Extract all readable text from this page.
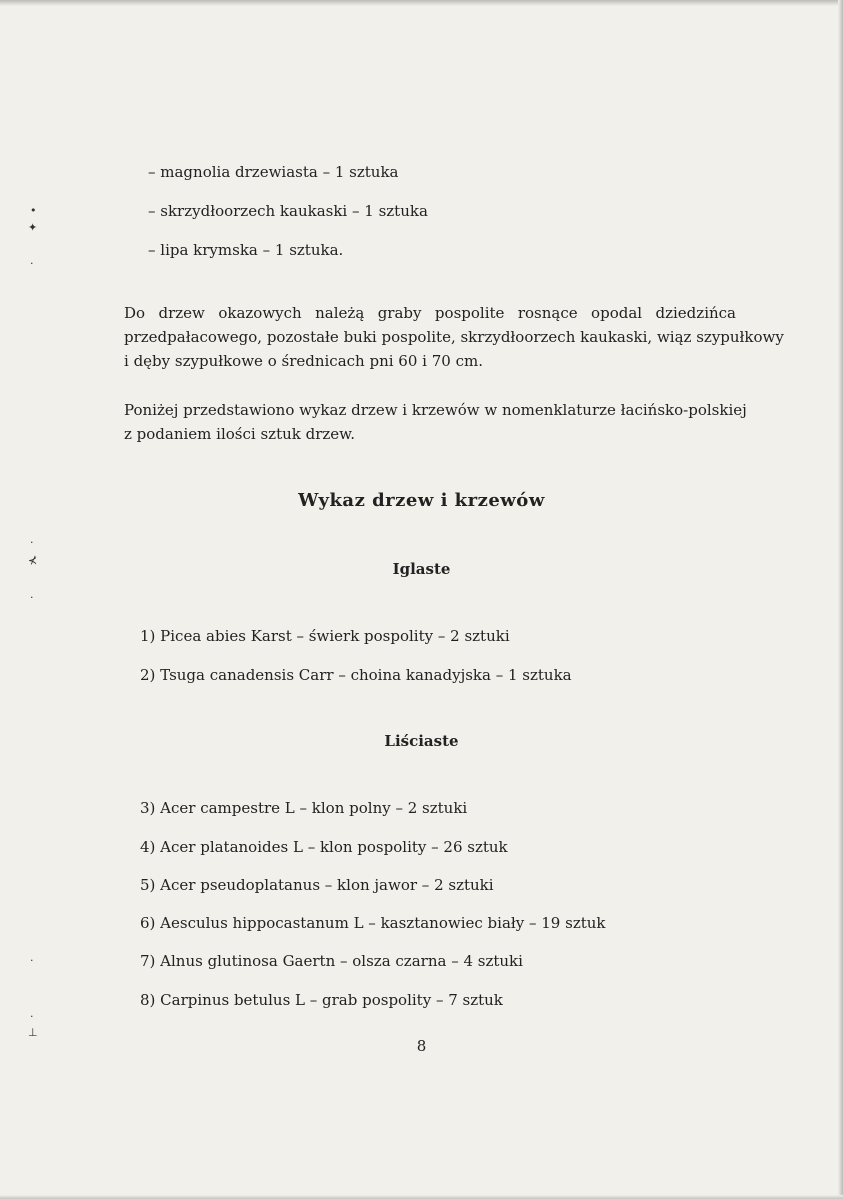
•
✦
·
·
⊀
·
·
·
⊥
– magnolia drzewiasta – 1 sztuka
– skrzydłoorzech kaukaski – 1 sztuka
– lipa krymska – 1 sztuka.
Do drzew okazowych należą graby pospolite rosnące opodal dziedzińca
przedpałacowego, pozostałe buki pospolite, skrzydłoorzech kaukaski, wiąz szypułkowy
i dęby szypułkowe o średnicach pni 60 i 70 cm.
Poniżej przedstawiono wykaz drzew i krzewów w nomenklaturze łacińsko-polskiej
z podaniem ilości sztuk drzew.
Wykaz drzew i krzewów
Iglaste
1) Picea abies Karst – świerk pospolity – 2 sztuki
2) Tsuga canadensis Carr – choina kanadyjska – 1 sztuka
Liściaste
3) Acer campestre L – klon polny – 2 sztuki
4) Acer platanoides L – klon pospolity – 26 sztuk
5) Acer pseudoplatanus – klon jawor – 2 sztuki
6) Aesculus hippocastanum L – kasztanowiec biały – 19 sztuk
7) Alnus glutinosa Gaertn – olsza czarna – 4 sztuki
8) Carpinus betulus L – grab pospolity – 7 sztuk
8
